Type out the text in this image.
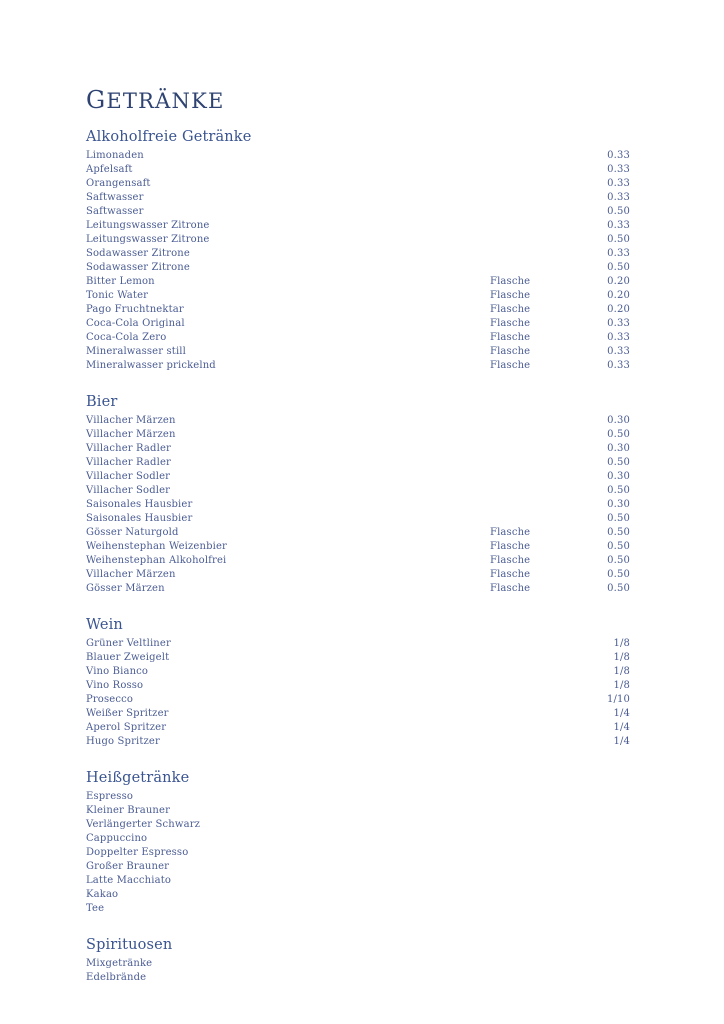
getränke
Alkoholfreie Getränke
Limonaden	0.33
Apfelsaft	0.33
Orangensaft	0.33
Saftwasser	0.33
Saftwasser	0.50
Leitungswasser Zitrone	0.33
Leitungswasser Zitrone	0.50
Sodawasser Zitrone	0.33
Sodawasser Zitrone	0.50
Bitter Lemon	Flasche	0.20
Tonic Water	Flasche	0.20
Pago Fruchtnektar	Flasche	0.20
Coca-Cola Original	Flasche	0.33
Coca-Cola Zero	Flasche	0.33
Mineralwasser still	Flasche	0.33
Mineralwasser prickelnd	Flasche	0.33
Bier
Villacher Märzen	0.30
Villacher Märzen	0.50
Villacher Radler	0.30
Villacher Radler	0.50
Villacher Sodler	0.30
Villacher Sodler	0.50
Saisonales Hausbier	0.30
Saisonales Hausbier	0.50
Gösser Naturgold	Flasche	0.50
Weihenstephan Weizenbier	Flasche	0.50
Weihenstephan Alkoholfrei	Flasche	0.50
Villacher Märzen	Flasche	0.50
Gösser Märzen	Flasche	0.50
Wein
Grüner Veltliner	1/8
Blauer Zweigelt	1/8
Vino Bianco	1/8
Vino Rosso	1/8
Prosecco	1/10
Weißer Spritzer	1/4
Aperol Spritzer	1/4
Hugo Spritzer	1/4
Heißgetränke
Espresso
Kleiner Brauner
Verlängerter Schwarz
Cappuccino
Doppelter Espresso
Großer Brauner
Latte Macchiato
Kakao
Tee
Spirituosen
Mixgetränke
Edelbrände
